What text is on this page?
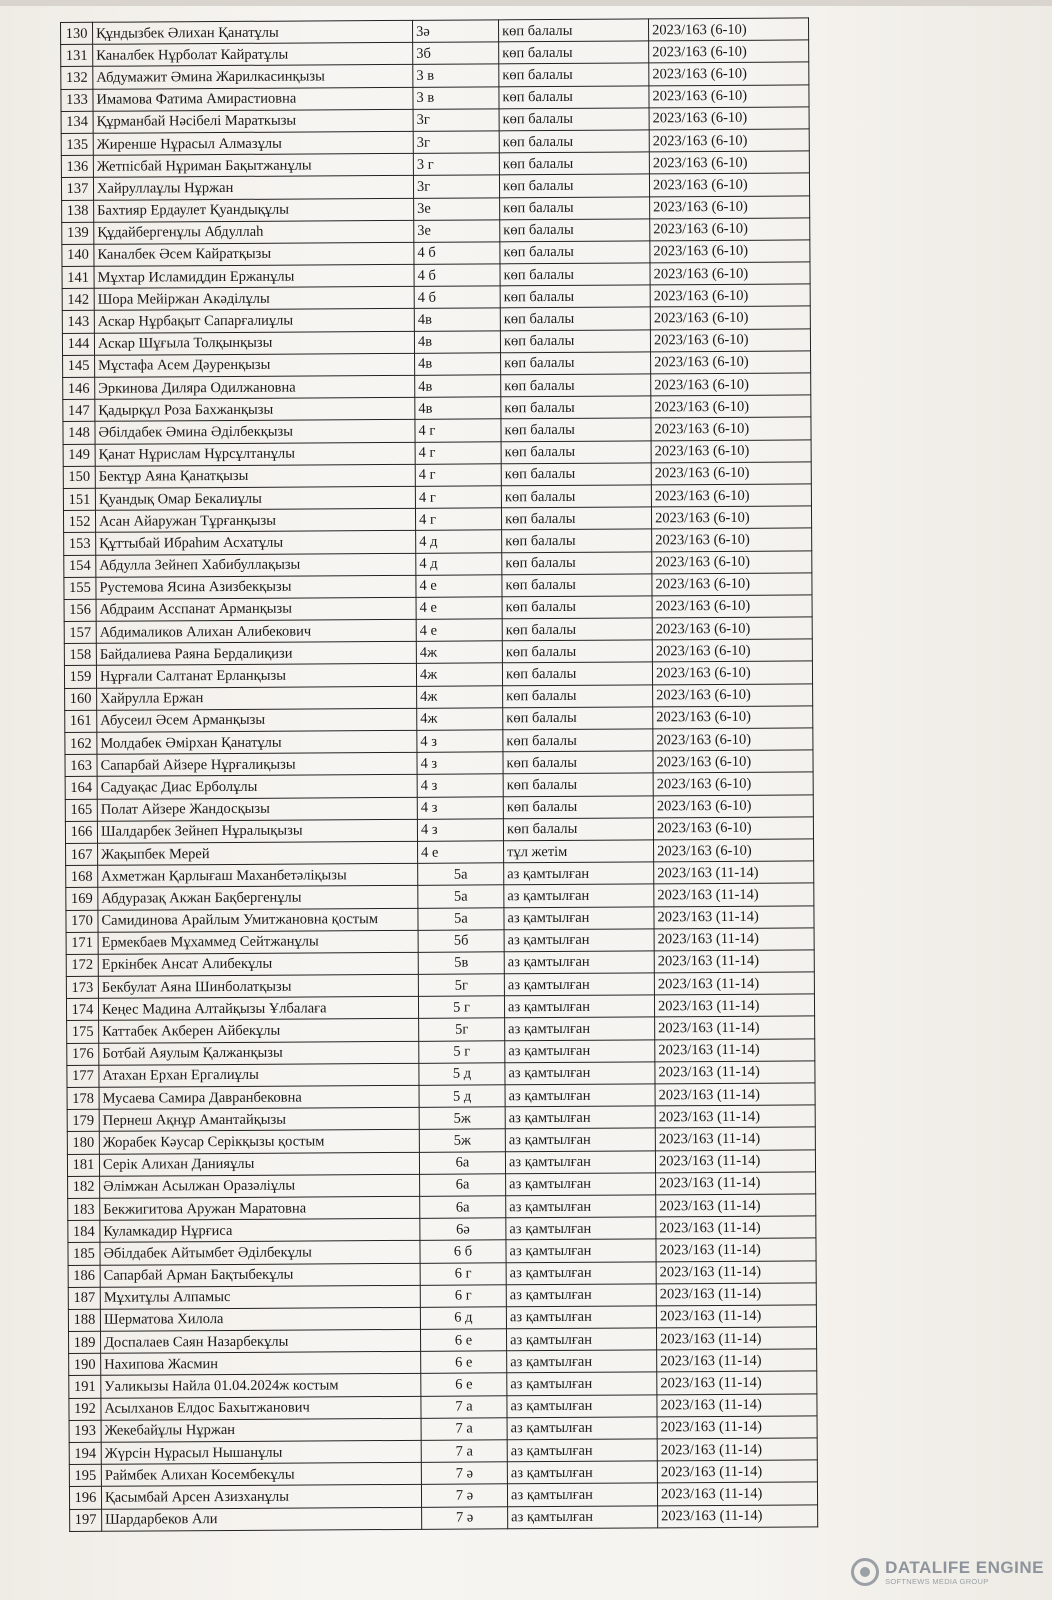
130	Құндызбек Әлихан Қанатұлы	3ә	көп балалы	2023/163 (6-10)
131	Каналбек Нұрболат Кайратұлы	3б	көп балалы	2023/163 (6-10)
132	Абдумажит Әмина Жарилкасинқызы	3 в	көп балалы	2023/163 (6-10)
133	Имамова Фатима Амирастиовна	3 в	көп балалы	2023/163 (6-10)
134	Құрманбай Нәсібелі Мараткызы	3г	көп балалы	2023/163 (6-10)
135	Жиренше Нұрасыл Алмазұлы	3г	көп балалы	2023/163 (6-10)
136	Жетпісбай Нұриман Бақытжанұлы	3 г	көп балалы	2023/163 (6-10)
137	Хайруллаұлы Нұржан	3г	көп балалы	2023/163 (6-10)
138	Бахтияр Ердаулет Қуандықұлы	3е	көп балалы	2023/163 (6-10)
139	Құдайбергенұлы Абдуллаһ	3е	көп балалы	2023/163 (6-10)
140	Каналбек Әсем Кайратқызы	4 б	көп балалы	2023/163 (6-10)
141	Мұхтар Исламиддин Ержанұлы	4 б	көп балалы	2023/163 (6-10)
142	Шора Мейіржан Акәділұлы	4 б	көп балалы	2023/163 (6-10)
143	Аскар Нұрбақыт Сапарғалиұлы	4в	көп балалы	2023/163 (6-10)
144	Аскар Шұғыла Толқынқызы	4в	көп балалы	2023/163 (6-10)
145	Мұстафа Асем Дәуренқызы	4в	көп балалы	2023/163 (6-10)
146	Эркинова Диляра Одилжановна	4в	көп балалы	2023/163 (6-10)
147	Қадырқұл Роза Бахжанқызы	4в	көп балалы	2023/163 (6-10)
148	Әбілдабек Әмина Әділбекқызы	4 г	көп балалы	2023/163 (6-10)
149	Қанат Нұрислам Нұрсұлтанұлы	4 г	көп балалы	2023/163 (6-10)
150	Бектұр Аяна Қанатқызы	4 г	көп балалы	2023/163 (6-10)
151	Қуандық Омар Бекалиұлы	4 г	көп балалы	2023/163 (6-10)
152	Асан Айаружан Тұрғанқызы	4 г	көп балалы	2023/163 (6-10)
153	Құттыбай Ибраһим Асхатұлы	4 д	көп балалы	2023/163 (6-10)
154	Абдулла Зейнеп Хабибуллақызы	4 д	көп балалы	2023/163 (6-10)
155	Рустемова Ясина Азизбекқызы	4 е	көп балалы	2023/163 (6-10)
156	Абдраим Асспанат Арманқызы	4 е	көп балалы	2023/163 (6-10)
157	Абдималиков Алихан Алибекович	4 е	көп балалы	2023/163 (6-10)
158	Байдалиева Раяна Бердалиқизи	4ж	көп балалы	2023/163 (6-10)
159	Нұрғали Салтанат Ерланқызы	4ж	көп балалы	2023/163 (6-10)
160	Хайрулла Ержан	4ж	көп балалы	2023/163 (6-10)
161	Абусеил Әсем Арманқызы	4ж	көп балалы	2023/163 (6-10)
162	Молдабек Әмірхан Қанатұлы	4 з	көп балалы	2023/163 (6-10)
163	Сапарбай Айзере Нұрғалиқызы	4 з	көп балалы	2023/163 (6-10)
164	Садуақас Диас Ерболұлы	4 з	көп балалы	2023/163 (6-10)
165	Полат Айзере Жандосқызы	4 з	көп балалы	2023/163 (6-10)
166	Шалдарбек Зейнеп Нұралықызы	4 з	көп балалы	2023/163 (6-10)
167	Жақыпбек Мерей	4 е	тұл жетім	2023/163 (6-10)
168	Ахметжан Қарлығаш Маханбетәліқызы	5а	аз қамтылған	2023/163 (11-14)
169	Абдуразақ Акжан Бақбергенұлы	5а	аз қамтылған	2023/163 (11-14)
170	Самидинова Арайлым Умитжановна қостым	5а	аз қамтылған	2023/163 (11-14)
171	Ермекбаев Мұхаммед Сейтжанұлы	5б	аз қамтылған	2023/163 (11-14)
172	Еркінбек Ансат Алибекұлы	5в	аз қамтылған	2023/163 (11-14)
173	Бекбулат Аяна Шинболатқызы	5г	аз қамтылған	2023/163 (11-14)
174	Кеңес Мадина Алтайқызы Ұлбалаға	5 г	аз қамтылған	2023/163 (11-14)
175	Каттабек Акберен Айбекұлы	5г	аз қамтылған	2023/163 (11-14)
176	Ботбай Аяулым Қалжанқызы	5 г	аз қамтылған	2023/163 (11-14)
177	Атахан Ерхан Ергалиұлы	5 д	аз қамтылған	2023/163 (11-14)
178	Мусаева Самира Давранбековна	5 д	аз қамтылған	2023/163 (11-14)
179	Пернеш Ақнұр Амантайқызы	5ж	аз қамтылған	2023/163 (11-14)
180	Жорабек Кәусар Серікқызы қостым	5ж	аз қамтылған	2023/163 (11-14)
181	Серік Алихан Данияұлы	6а	аз қамтылған	2023/163 (11-14)
182	Әлімжан Асылжан Оразәліұлы	6а	аз қамтылған	2023/163 (11-14)
183	Бекжигитова Аружан Маратовна	6а	аз қамтылған	2023/163 (11-14)
184	Куламкадир Нұрғиса	6ә	аз қамтылған	2023/163 (11-14)
185	Әбілдабек Айтымбет Әділбекұлы	6 б	аз қамтылған	2023/163 (11-14)
186	Сапарбай Арман Бақтыбекұлы	6 г	аз қамтылған	2023/163 (11-14)
187	Мұхитұлы Алпамыс	6 г	аз қамтылған	2023/163 (11-14)
188	Шерматова Хилола	6 д	аз қамтылған	2023/163 (11-14)
189	Доспалаев Саян Назарбекұлы	6 е	аз қамтылған	2023/163 (11-14)
190	Нахипова Жасмин	6 е	аз қамтылған	2023/163 (11-14)
191	Уаликызы Найла 01.04.2024ж костым	6 е	аз қамтылған	2023/163 (11-14)
192	Асылханов Елдос Бахытжанович	7 а	аз қамтылған	2023/163 (11-14)
193	Жекебайұлы Нұржан	7 а	аз қамтылған	2023/163 (11-14)
194	Жүрсін Нұрасыл Нышанұлы	7 а	аз қамтылған	2023/163 (11-14)
195	Раймбек Алихан Косембекұлы	7 ә	аз қамтылған	2023/163 (11-14)
196	Қасымбай Арсен Азизханұлы	7 ә	аз қамтылған	2023/163 (11-14)
197	Шардарбеков Али	7 ә	аз қамтылған	2023/163 (11-14)
DATALIFE ENGINE
SOFTNEWS MEDIA GROUP
